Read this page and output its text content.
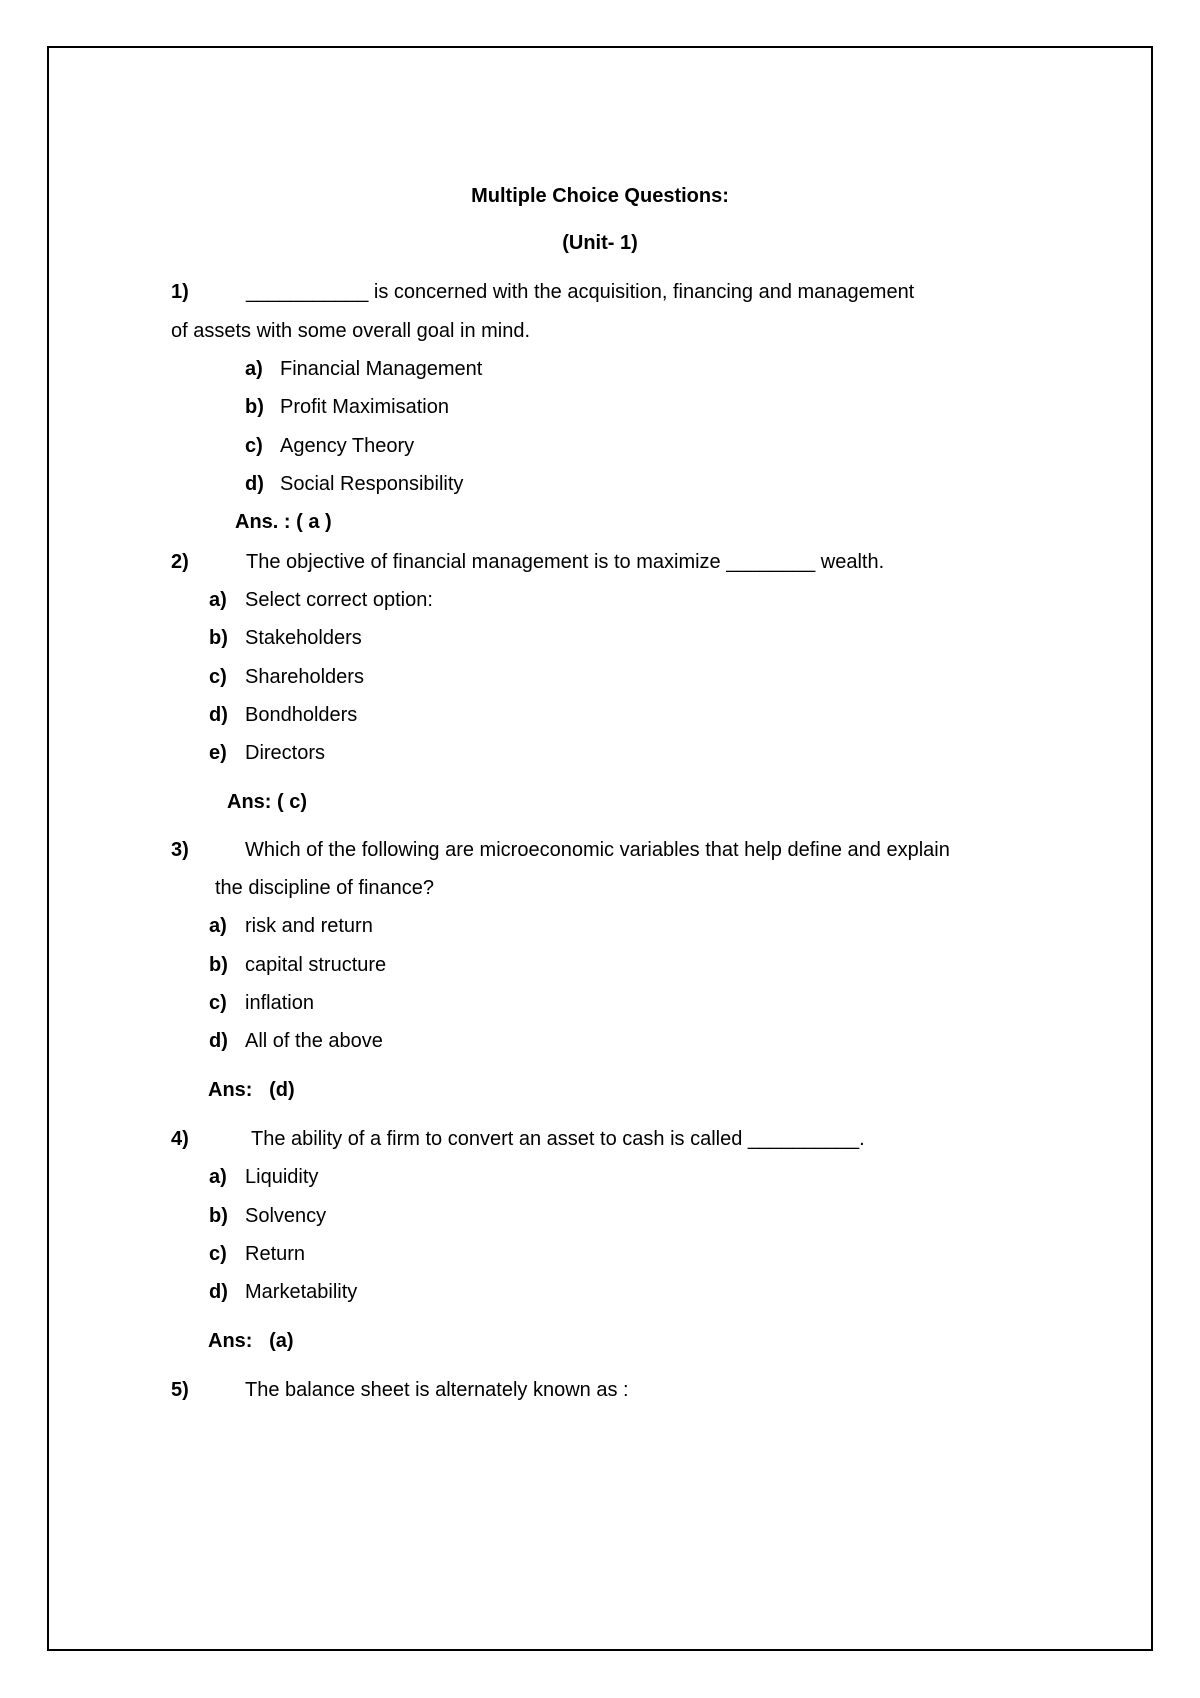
Multiple Choice Questions:
(Unit- 1)
1)	___________ is concerned with the acquisition, financing and management
of assets with some overall goal in mind.
a) Financial Management
b) Profit Maximisation
c) Agency Theory
d) Social Responsibility
Ans. : ( a )
2)	The objective of financial management is to maximize ________ wealth.
a) Select correct option:
b) Stakeholders
c) Shareholders
d) Bondholders
e) Directors
Ans: ( c)
3)	Which of the following are microeconomic variables that help define and explain
the discipline of finance?
a) risk and return
b) capital structure
c) inflation
d) All of the above
Ans:   (d)
4)	The ability of a firm to convert an asset to cash is called __________.
a) Liquidity
b) Solvency
c) Return
d) Marketability
Ans:   (a)
5)	The balance sheet is alternately known as :
